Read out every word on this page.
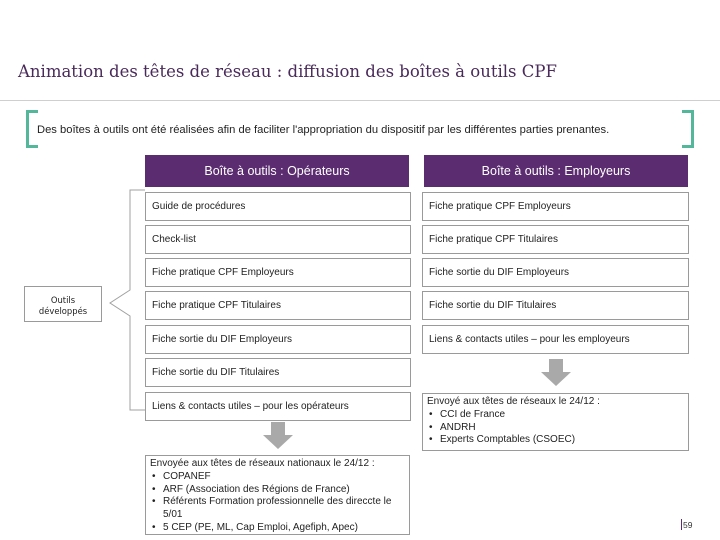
Animation des têtes de réseau : diffusion des boîtes à outils CPF
Des boîtes à outils ont été réalisées afin de faciliter l'appropriation du dispositif par les différentes parties prenantes.
Boîte à outils : Opérateurs	Boîte à outils : Employeurs
Outils
développés
Guide de procédures
Check-list
Fiche pratique CPF Employeurs
Fiche pratique CPF Titulaires
Fiche sortie du DIF Employeurs
Fiche sortie du DIF Titulaires
Liens & contacts utiles – pour les opérateurs
Fiche pratique CPF Employeurs
Fiche pratique CPF Titulaires
Fiche sortie du DIF Employeurs
Fiche sortie du DIF Titulaires
Liens & contacts utiles – pour les employeurs
Envoyé aux têtes de réseaux le 24/12 :
• CCI de France
• ANDRH
• Experts Comptables (CSOEC)
Envoyée aux têtes de réseaux nationaux le 24/12 :
• COPANEF
• ARF (Association des Régions de France)
• Référents Formation professionnelle des direccte le 5/01
• 5 CEP (PE, ML, Cap Emploi, Agefiph, Apec)	59
